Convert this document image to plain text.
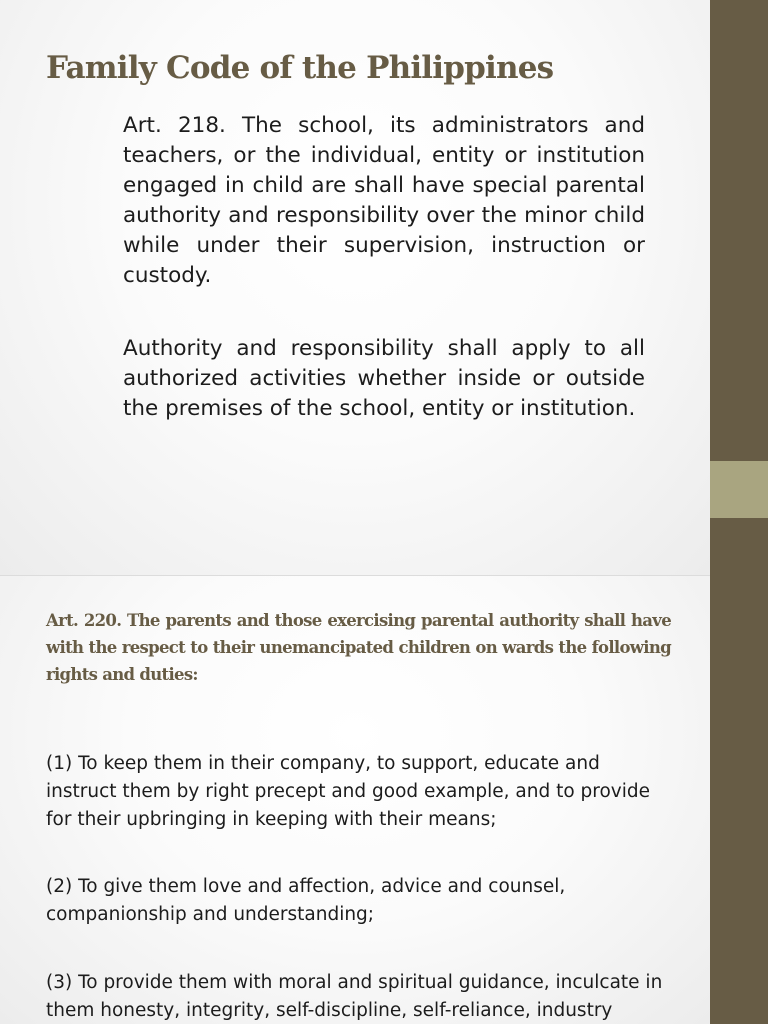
Family Code of the Philippines

Art. 218. The school, its administrators and teachers, or the individual, entity or institution engaged in child are shall have special parental authority and responsibility over the minor child while under their supervision, instruction or custody.

Authority and responsibility shall apply to all authorized activities whether inside or outside the premises of the school, entity or institution.

Art. 220. The parents and those exercising parental authority shall have with the respect to their unemancipated children on wards the following rights and duties:

(1) To keep them in their company, to support, educate and instruct them by right precept and good example, and to provide for their upbringing in keeping with their means;

(2) To give them love and affection, advice and counsel, companionship and understanding;

(3) To provide them with moral and spiritual guidance, inculcate in them honesty, integrity, self-discipline, self-reliance, industry
